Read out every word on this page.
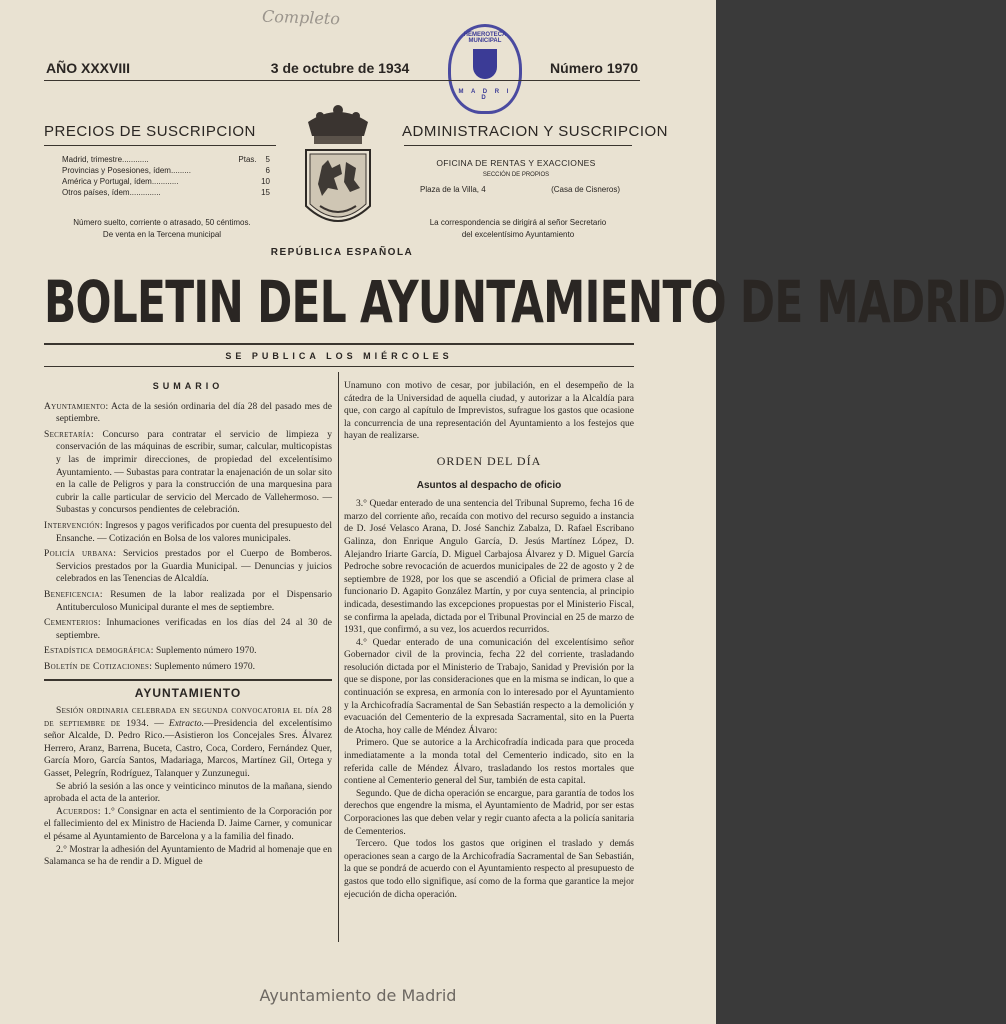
Completo
HEMEROTECA MUNICIPAL
M A D R I D
AÑO XXXVIII	3 de octubre de 1934	Número 1970
PRECIOS DE SUSCRIPCION
Madrid, trimestre............	Ptas. 5
Provincias y Posesiones, ídem.........	6
América y Portugal, ídem............	10
Otros países, ídem..............	15
Número suelto, corriente o atrasado, 50 céntimos.
De venta en la Tercena municipal
ADMINISTRACION Y SUSCRIPCION
OFICINA DE RENTAS Y EXACCIONES
SECCIÓN DE PROPIOS
Plaza de la Villa, 4	(Casa de Cisneros)
La correspondencia se dirigirá al señor Secretario
del excelentísimo Ayuntamiento
REPÚBLICA ESPAÑOLA
BOLETIN DEL AYUNTAMIENTO DE MADRID
SE PUBLICA LOS MIÉRCOLES

SUMARIO

Ayuntamiento: Acta de la sesión ordinaria del día 28 del pasado mes de septiembre.

Secretaría: Concurso para contratar el servicio de limpieza y conservación de las máquinas de escribir, sumar, calcular, multicopistas y las de imprimir direcciones, de propiedad del excelentísimo Ayuntamiento. — Subastas para contratar la enajenación de un solar sito en la calle de Peligros y para la construcción de una marquesina para cubrir la calle particular de servicio del Mercado de Vallehermoso. — Subastas y concursos pendientes de celebración.

Intervención: Ingresos y pagos verificados por cuenta del presupuesto del Ensanche. — Cotización en Bolsa de los valores municipales.

Policía urbana: Servicios prestados por el Cuerpo de Bomberos. Servicios prestados por la Guardia Municipal. — Denuncias y juicios celebrados en las Tenencias de Alcaldía.

Beneficencia: Resumen de la labor realizada por el Dispensario Antituberculoso Municipal durante el mes de septiembre.

Cementerios: Inhumaciones verificadas en los días del 24 al 30 de septiembre.

Estadística demográfica: Suplemento número 1970.

Boletín de Cotizaciones: Suplemento número 1970.

AYUNTAMIENTO

Sesión ordinaria celebrada en segunda convocatoria el día 28 de septiembre de 1934. — Extracto.—Presidencia del excelentísimo señor Alcalde, D. Pedro Rico.—Asistieron los Concejales Sres. Álvarez Herrero, Aranz, Barrena, Buceta, Castro, Coca, Cordero, Fernández Quer, García Moro, García Santos, Madariaga, Marcos, Martínez Gil, Ortega y Gasset, Pelegrín, Rodríguez, Talanquer y Zunzunegui.

Se abrió la sesión a las once y veinticinco minutos de la mañana, siendo aprobada el acta de la anterior.

Acuerdos: 1.° Consignar en acta el sentimiento de la Corporación por el fallecimiento del ex Ministro de Hacienda D. Jaime Carner, y comunicar el pésame al Ayuntamiento de Barcelona y a la familia del finado.

2.° Mostrar la adhesión del Ayuntamiento de Madrid al homenaje que en Salamanca se ha de rendir a D. Miguel de

Unamuno con motivo de cesar, por jubilación, en el desempeño de la cátedra de la Universidad de aquella ciudad, y autorizar a la Alcaldía para que, con cargo al capítulo de Imprevistos, sufrague los gastos que ocasione la concurrencia de una representación del Ayuntamiento a los festejos que hayan de realizarse.

ORDEN DEL DÍA

Asuntos al despacho de oficio

3.° Quedar enterado de una sentencia del Tribunal Supremo, fecha 16 de marzo del corriente año, recaída con motivo del recurso seguido a instancia de D. José Velasco Arana, D. José Sanchiz Zabalza, D. Rafael Escribano Galinza, don Enrique Angulo García, D. Jesús Martínez López, D. Alejandro Iriarte García, D. Miguel Carbajosa Álvarez y D. Miguel García Pedroche sobre revocación de acuerdos municipales de 22 de agosto y 2 de septiembre de 1928, por los que se ascendió a Oficial de primera clase al funcionario D. Agapito González Martín, y por cuya sentencia, al principio indicada, desestimando las excepciones propuestas por el Ministerio Fiscal, se confirma la apelada, dictada por el Tribunal Provincial en 25 de marzo de 1931, que confirmó, a su vez, los acuerdos recurridos.

4.° Quedar enterado de una comunicación del excelentísimo señor Gobernador civil de la provincia, fecha 22 del corriente, trasladando resolución dictada por el Ministerio de Trabajo, Sanidad y Previsión por la que se dispone, por las consideraciones que en la misma se indican, lo que a continuación se expresa, en armonía con lo interesado por el Ayuntamiento y la Archicofradía Sacramental de San Sebastián respecto a la demolición y evacuación del Cementerio de la expresada Sacramental, sito en la Puerta de Atocha, hoy calle de Méndez Álvaro:

Primero. Que se autorice a la Archicofradía indicada para que proceda inmediatamente a la monda total del Cementerio indicado, sito en la referida calle de Méndez Álvaro, trasladando los restos mortales que contiene al Cementerio general del Sur, también de esta capital.

Segundo. Que de dicha operación se encargue, para garantía de todos los derechos que engendre la misma, el Ayuntamiento de Madrid, por ser estas Corporaciones las que deben velar y regir cuanto afecta a la policía sanitaria de Cementerios.

Tercero. Que todos los gastos que originen el traslado y demás operaciones sean a cargo de la Archicofradía Sacramental de San Sebastián, la que se pondrá de acuerdo con el Ayuntamiento respecto al presupuesto de gastos que todo ello signifique, así como de la forma que garantice la mejor ejecución de dicha operación.

Ayuntamiento de Madrid
